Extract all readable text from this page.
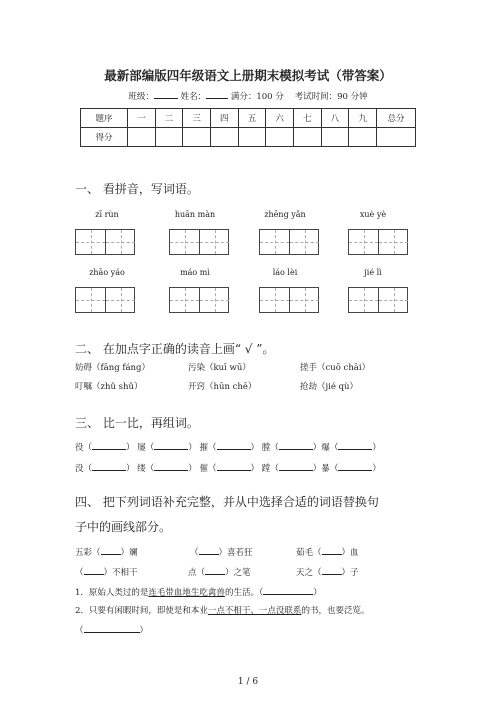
最新部编版四年级语文上册期末模拟考试（带答案）
班级：	姓名：	满分：100 分 考试时间：90 分钟
题序	一	二	三	四	五	六	七	八	九	总分
得分										
一、 看拼音，写词语。
zī rùn	huān màn	zhēng yǎn	xuè yè
zhāo yáo	máo mì	láo lèi	jié lì
二、 在加点字正确的读音上画“ √ ”。
妨碍（fāng fáng）	污染（kuī wū）	搓手（cuō chāi）
叮嘱（zhǔ shǔ）	开窍（hūn chē）	抢劫（jié qù）
三、 比一比，再组词。
役（	） 屡（	） 摧（	） 膛（	）爆（	）
没（	） 缕（	） 催（	） 蹚（	）暴（	）
四、 把下列词语补充完整，并从中选择合适的词语替换句
子中的画线部分。
五彩（ ）斓	（ ）喜若狂	茹毛（ ）血
（ ）不相干	点（ ）之笔	天之（ ）子
1．原始人类过的是连毛带血地生吃禽兽的生活。（	）
2．只要有闲暇时间，即使是和本业一点不相干、一点没联系的书，也要泛览。
（	）
1 / 6
